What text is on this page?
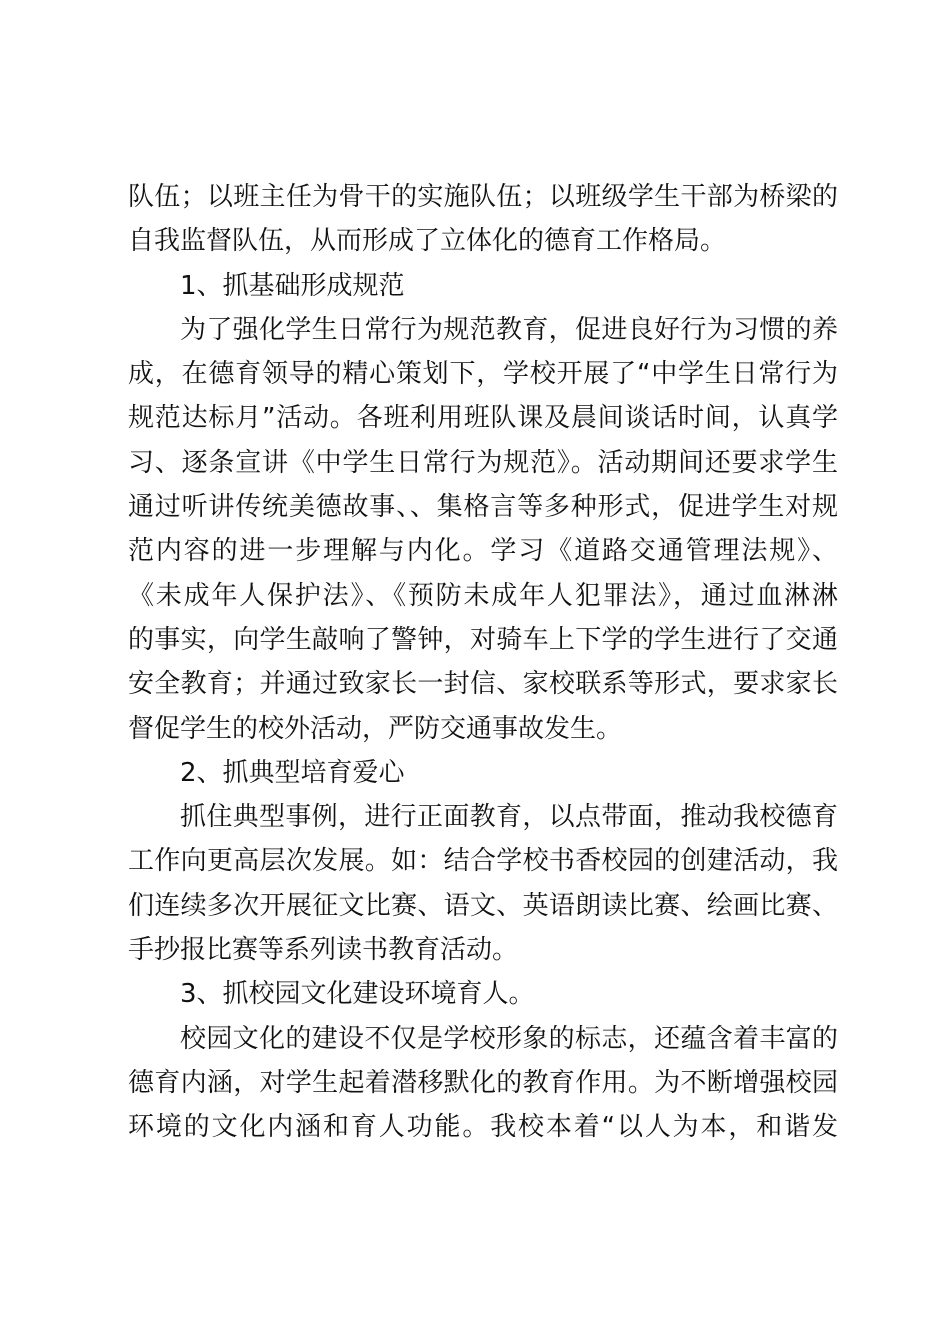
队伍；以班主任为骨干的实施队伍；以班级学生干部为桥梁的
自我监督队伍，从而形成了立体化的德育工作格局。
1、抓基础形成规范
为了强化学生日常行为规范教育，促进良好行为习惯的养
成，在德育领导的精心策划下，学校开展了“中学生日常行为
规范达标月”活动。各班利用班队课及晨间谈话时间，认真学
习、逐条宣讲《中学生日常行为规范》。活动期间还要求学生
通过听讲传统美德故事、、集格言等多种形式，促进学生对规
范内容的进一步理解与内化。学习《道路交通管理法规》、
《未成年人保护法》、《预防未成年人犯罪法》，通过血淋淋
的事实，向学生敲响了警钟，对骑车上下学的学生进行了交通
安全教育；并通过致家长一封信、家校联系等形式，要求家长
督促学生的校外活动，严防交通事故发生。
2、抓典型培育爱心
抓住典型事例，进行正面教育，以点带面，推动我校德育
工作向更高层次发展。如：结合学校书香校园的创建活动，我
们连续多次开展征文比赛、语文、英语朗读比赛、绘画比赛、
手抄报比赛等系列读书教育活动。
3、抓校园文化建设环境育人。
校园文化的建设不仅是学校形象的标志，还蕴含着丰富的
德育内涵，对学生起着潜移默化的教育作用。为不断增强校园
环境的文化内涵和育人功能。我校本着“以人为本，和谐发
